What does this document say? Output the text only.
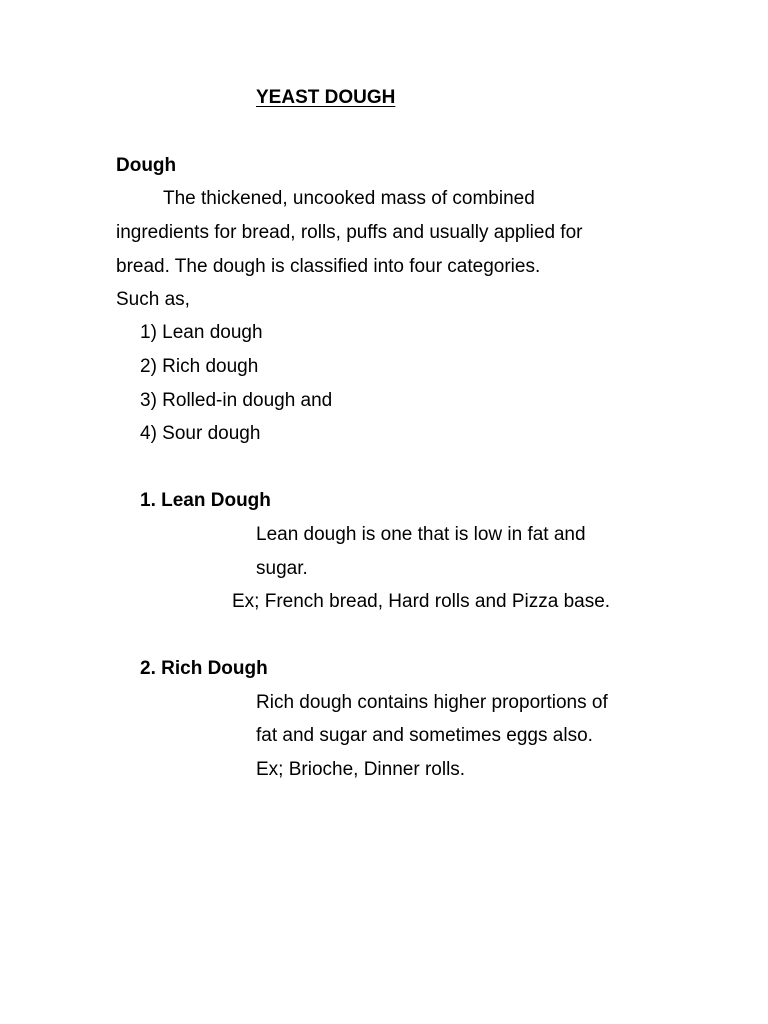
YEAST DOUGH
Dough
The thickened, uncooked mass of combined
ingredients for bread, rolls, puffs and usually applied for
bread. The dough is classified into four categories.
Such as,
1) Lean dough
2) Rich dough
3) Rolled-in dough and
4) Sour dough
1. Lean Dough
Lean dough is one that is low in fat and
sugar.
Ex; French bread, Hard rolls and Pizza base.
2. Rich Dough
Rich dough contains higher proportions of
fat and sugar and sometimes eggs also.
Ex; Brioche, Dinner rolls.
